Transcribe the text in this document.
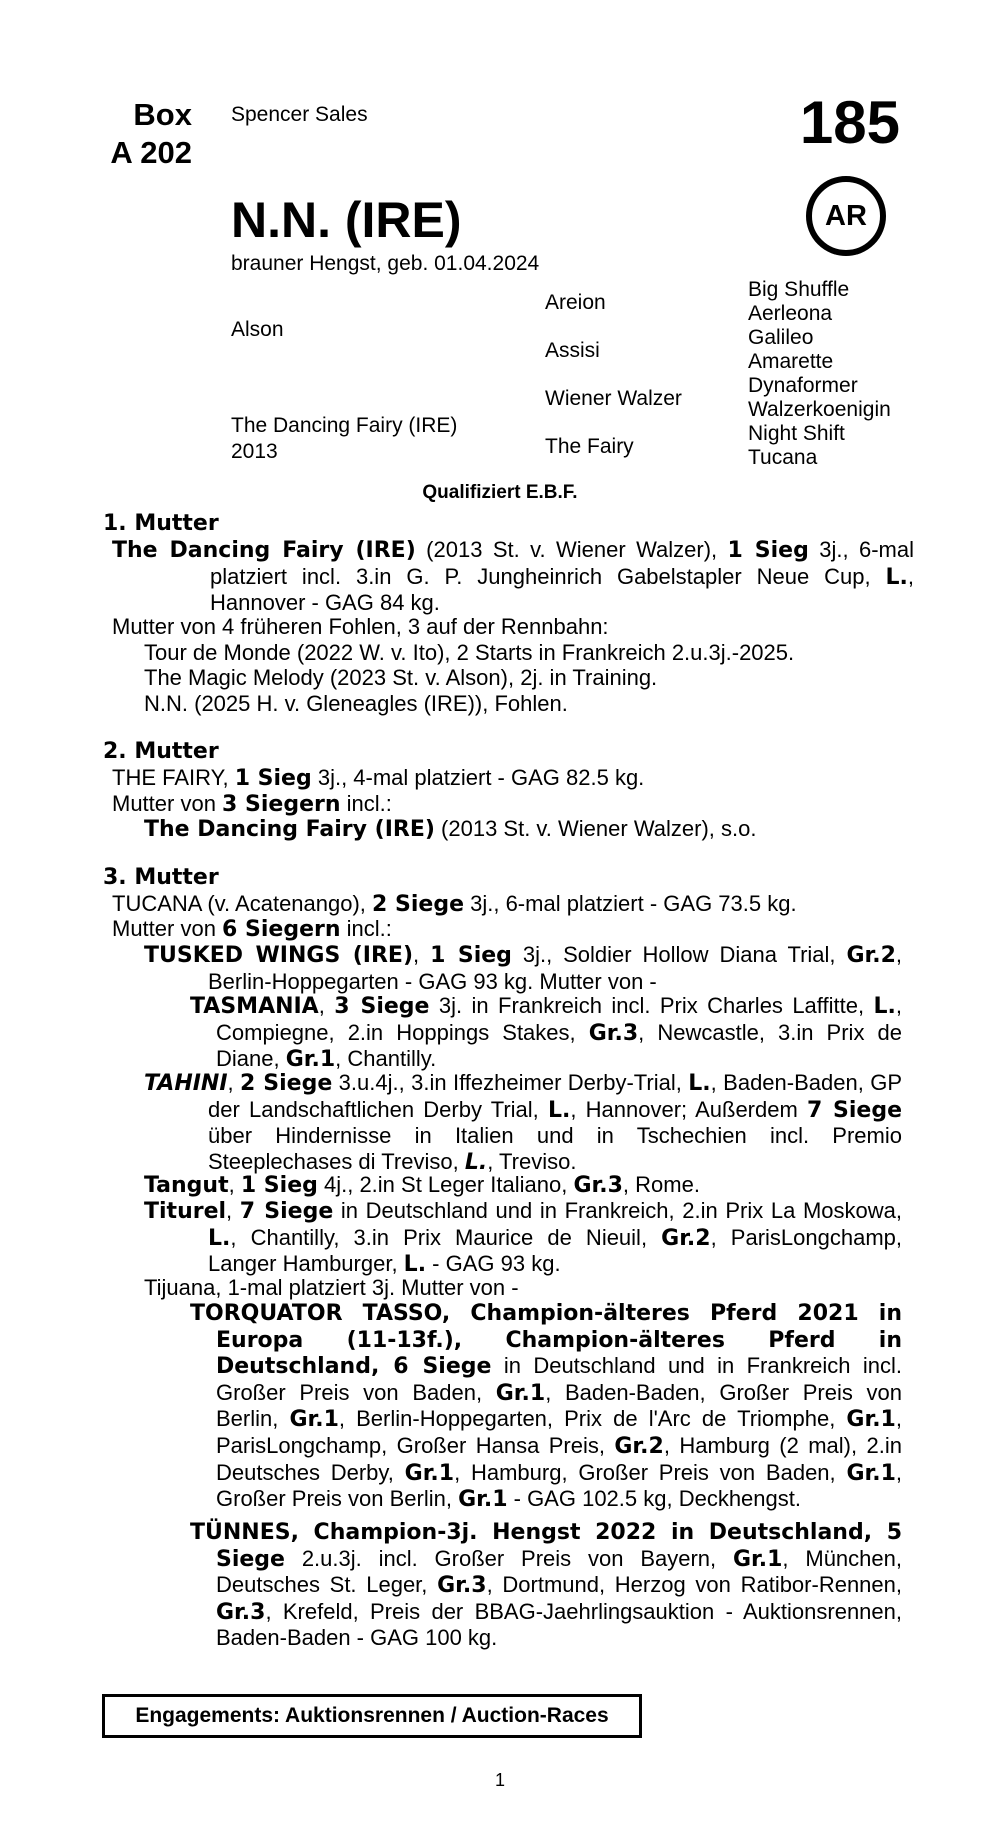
Box
A 202
Spencer Sales	185
N.N. (IRE)	AR
brauner Hengst, geb. 01.04.2024
Alson
The Dancing Fairy (IRE)
2013
Areion
Assisi
Wiener Walzer
The Fairy
Big Shuffle
Aerleona
Galileo
Amarette
Dynaformer
Walzerkoenigin
Night Shift
Tucana
Qualifiziert E.B.F.
1. Mutter

The Dancing Fairy (IRE) (2013 St. v. Wiener Walzer), 1 Sieg 3j., 6-mal platziert incl. 3.in G. P. Jungheinrich Gabelstapler Neue Cup, L., Hannover - GAG 84 kg.

Mutter von 4 früheren Fohlen, 3 auf der Rennbahn:
Tour de Monde (2022 W. v. Ito), 2 Starts in Frankreich 2.u.3j.-2025.
The Magic Melody (2023 St. v. Alson), 2j. in Training.
N.N. (2025 H. v. Gleneagles (IRE)), Fohlen.
2. Mutter
THE FAIRY, 1 Sieg 3j., 4-mal platziert - GAG 82.5 kg.
Mutter von 3 Siegern incl.:
The Dancing Fairy (IRE) (2013 St. v. Wiener Walzer), s.o.
3. Mutter
TUCANA (v. Acatenango), 2 Siege 3j., 6-mal platziert - GAG 73.5 kg.
Mutter von 6 Siegern incl.:

TUSKED WINGS (IRE), 1 Sieg 3j., Soldier Hollow Diana Trial, Gr.2, Berlin-Hoppegarten - GAG 93 kg. Mutter von -

TASMANIA, 3 Siege 3j. in Frankreich incl. Prix Charles Laffitte, L., Compiegne, 2.in Hoppings Stakes, Gr.3, Newcastle, 3.in Prix de Diane, Gr.1, Chantilly.

TAHINI, 2 Siege 3.u.4j., 3.in Iffezheimer Derby-Trial, L., Baden-Baden, GP der Landschaftlichen Derby Trial, L., Hannover; Außerdem 7 Siege über Hindernisse in Italien und in Tschechien incl. Premio Steeplechases di Treviso, L., Treviso.

Tangut, 1 Sieg 4j., 2.in St Leger Italiano, Gr.3, Rome.

Titurel, 7 Siege in Deutschland und in Frankreich, 2.in Prix La Moskowa, L., Chantilly, 3.in Prix Maurice de Nieuil, Gr.2, ParisLongchamp, Langer Hamburger, L. - GAG 93 kg.

Tijuana, 1-mal platziert 3j. Mutter von -

TORQUATOR TASSO, Champion-älteres Pferd 2021 in Europa (11-13f.), Champion-älteres Pferd in Deutschland, 6 Siege in Deutschland und in Frankreich incl. Großer Preis von Baden, Gr.1, Baden-Baden, Großer Preis von Berlin, Gr.1, Berlin-Hoppegarten, Prix de l'Arc de Triomphe, Gr.1, ParisLongchamp, Großer Hansa Preis, Gr.2, Hamburg (2 mal), 2.in Deutsches Derby, Gr.1, Hamburg, Großer Preis von Baden, Gr.1, Großer Preis von Berlin, Gr.1 - GAG 102.5 kg, Deckhengst.

TÜNNES, Champion-3j. Hengst 2022 in Deutschland, 5 Siege 2.u.3j. incl. Großer Preis von Bayern, Gr.1, München, Deutsches St. Leger, Gr.3, Dortmund, Herzog von Ratibor-Rennen, Gr.3, Krefeld, Preis der BBAG-Jaehrlingsauktion - Auktionsrennen, Baden-Baden - GAG 100 kg.

Engagements: Auktionsrennen / Auction-Races
1
